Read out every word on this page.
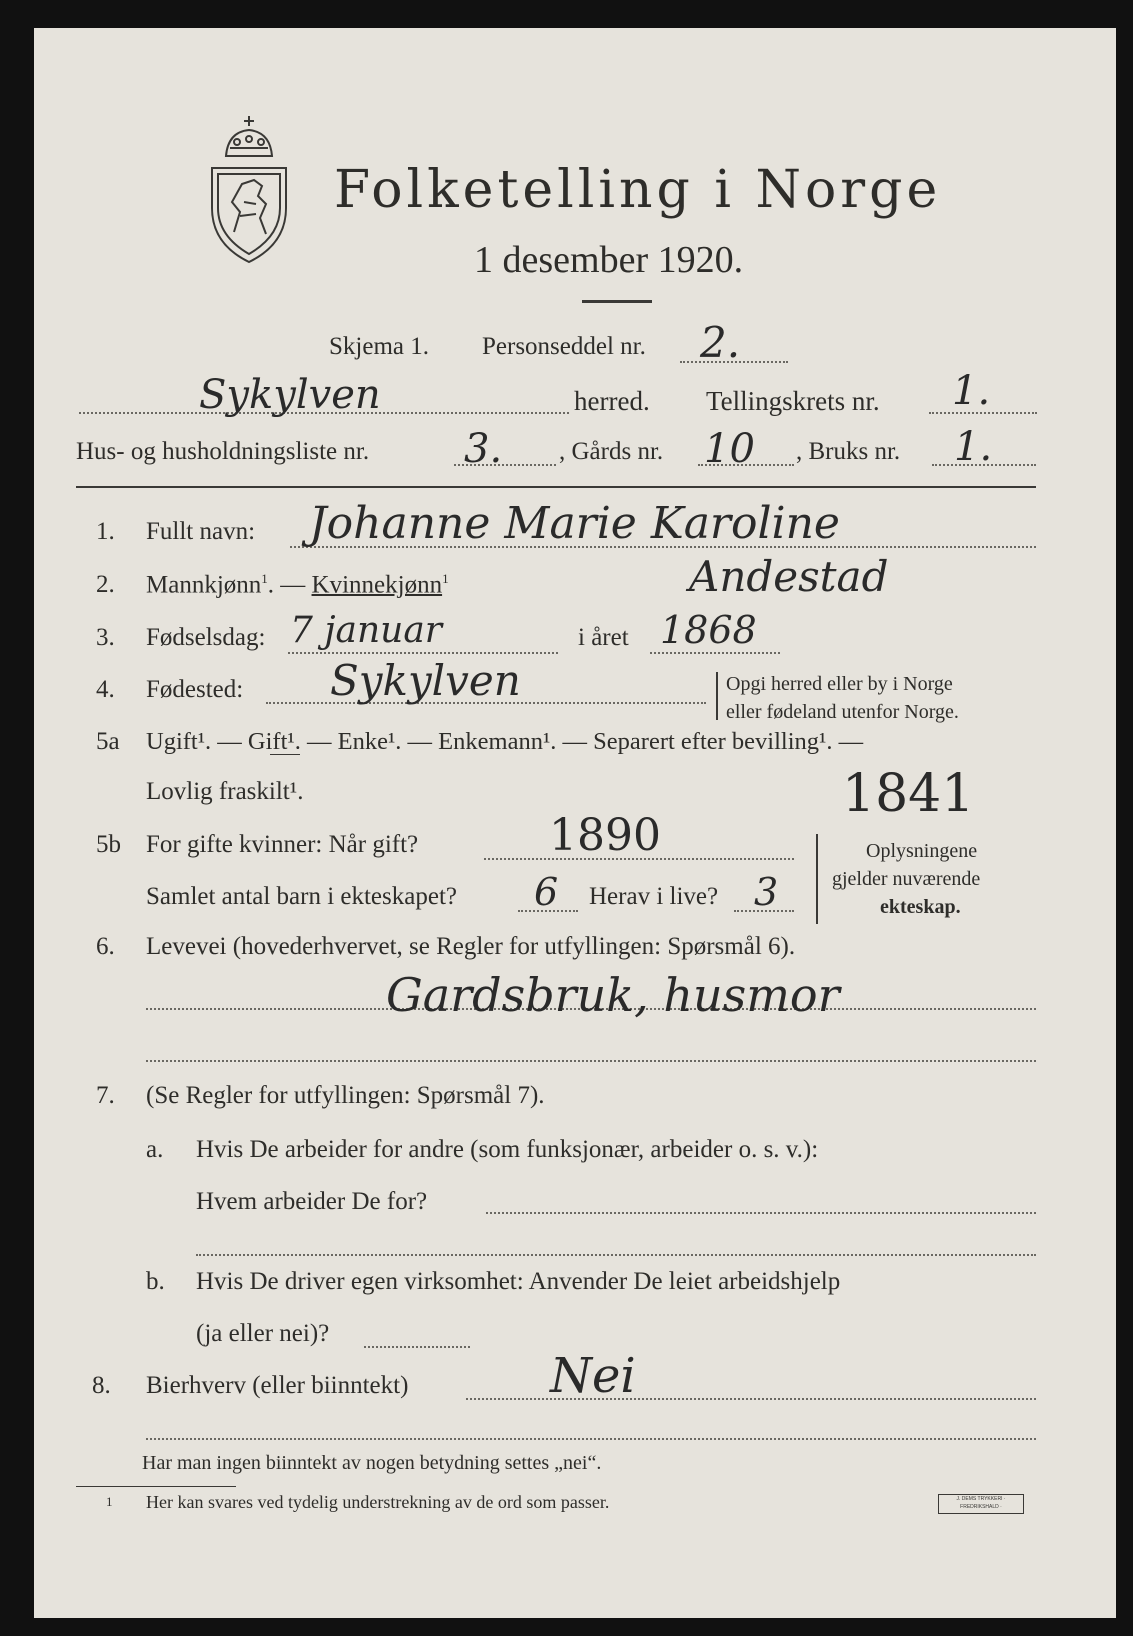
Folketelling i Norge
1 desember 1920.
Skjema 1. Personseddel nr. 2.
Sykylven	herred. Tellingskrets nr. 1.
Hus- og husholdningsliste nr. 3. , Gårds nr. 10 , Bruks nr. 1.
1. Fullt navn: Johanne Marie Karoline
Andestad
2. Mannkjønn$^1$. — Kvinnekjønn$^1$
3. Fødselsdag: 7 januar	i året 1868
4. Fødested: Sykylven	Opgi herred eller by i Norge
eller fødeland utenfor Norge.
5a Ugift¹. — Gift¹. — Enke¹. — Enkemann¹. — Separert efter bevilling¹. —
Lovlig fraskilt¹.	1841
5b For gifte kvinner: Når gift?	1890
Samlet antal barn i ekteskapet? 6 Herav i live? 3
Oplysningene
gjelder nuværende
ekteskap.
6. Levevei (hovederhvervet, se Regler for utfyllingen: Spørsmål 6).
Gardsbruk, husmor
7. (Se Regler for utfyllingen: Spørsmål 7).
a. Hvis De arbeider for andre (som funksjonær, arbeider o. s. v.):
Hvem arbeider De for?
b. Hvis De driver egen virksomhet: Anvender De leiet arbeidshjelp
(ja eller nei)?
8. Bierhverv (eller biinntekt)	Nei
Har man ingen biinntekt av nogen betydning settes „nei“.
1 Her kan svares ved tydelig understrekning av de ord som passer.	J. DEMS TRYKKERI · FREDRIKSHALD ·
